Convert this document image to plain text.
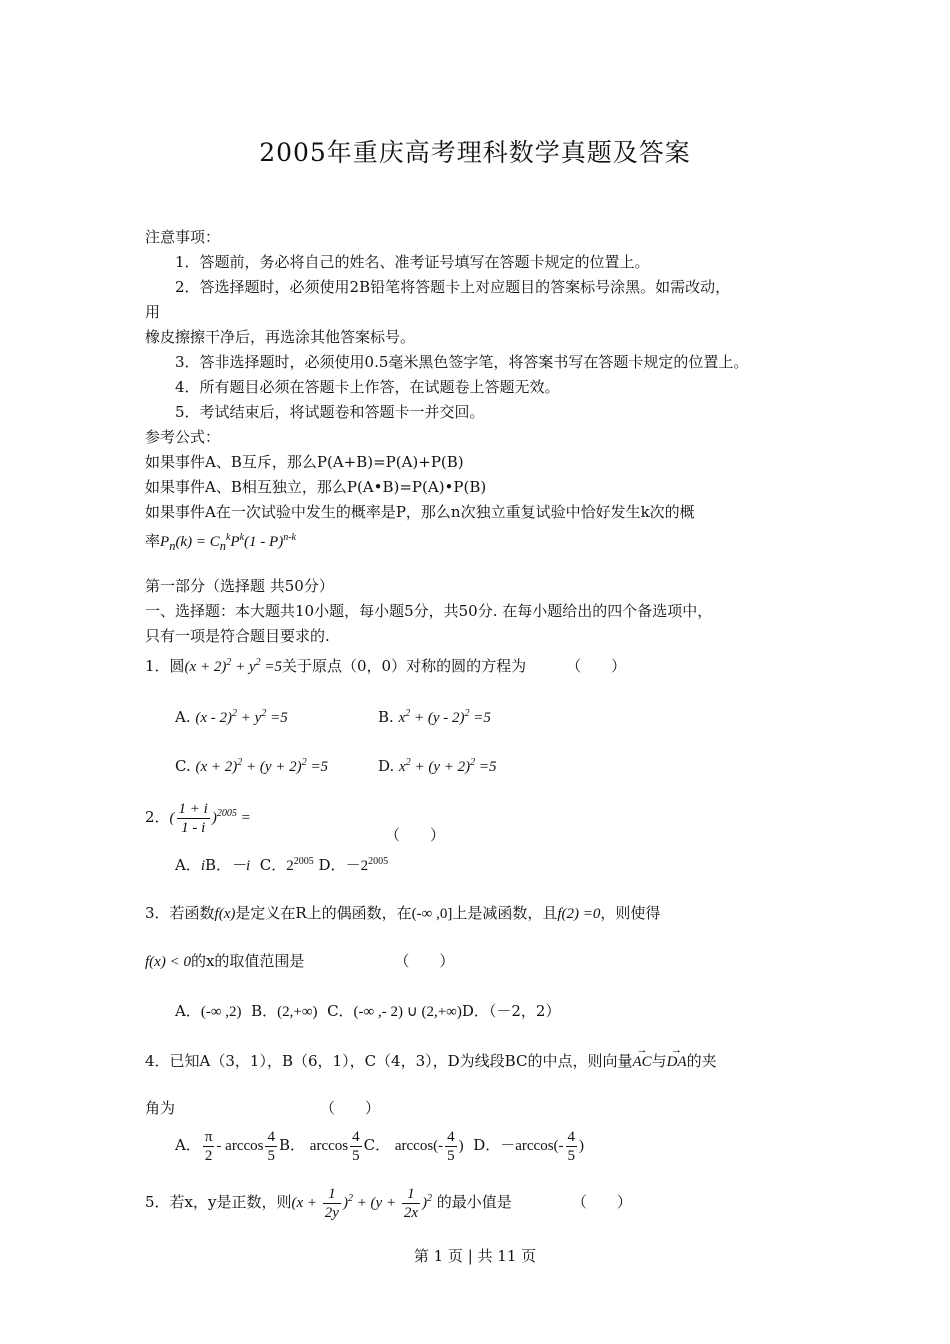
2005年重庆高考理科数学真题及答案
注意事项：
1．答题前，务必将自己的姓名、准考证号填写在答题卡规定的位置上。
2．答选择题时，必须使用2B铅笔将答题卡上对应题目的答案标号涂黑。如需改动，
用
橡皮擦擦干净后，再选涂其他答案标号。
3．答非选择题时，必须使用0.5毫米黑色签字笔，将答案书写在答题卡规定的位置上。
4．所有题目必须在答题卡上作答，在试题卷上答题无效。
5．考试结束后，将试题卷和答题卡一并交回。
参考公式：
如果事件A、B互斥，那么P(A+B)=P(A)+P(B)
如果事件A、B相互独立，那么P(A•B)=P(A)•P(B)
如果事件A在一次试验中发生的概率是P，那么n次独立重复试验中恰好发生k次的概
率$P_n(k) = C_n^kP^k(1 - P)^{n-k}$
第一部分（选择题 共50分）
一、选择题：本大题共10小题，每小题5分，共50分. 在每小题给出的四个备选项中，
只有一项是符合题目要求的.
1．圆$(x + 2)^2 + y^2 =5$关于原点（0，0）对称的圆的方程为	（　　）
A. $(x - 2)^2 + y^2 =5$	B. $x^2 + (y - 2)^2 =5$
C. $(x + 2)^2 + (y + 2)^2 =5$	D. $x^2 + (y + 2)^2 =5$
2．( $\frac{1 + i}{1 - i} )^{2005}$ =
（　　）
A．iB．－i C．$2^{2005}$ D．$-2^{2005}$
3．若函数f(x)是定义在R上的偶函数，在(-∞ ,0]上是减函数，且f(2) =0，则使得
f(x) < 0的x的取值范围是	（　　）
A．(-∞ ,2) B．(2,+∞) C．(-∞ ,- 2) ∪ (2,+∞)D．（－2，2）
4．已知A（3，1），B（6，1），C（4，3），D为线段BC的中点，则向量→ AC与→ DA的夹
角为	（　　）
A． $\frac{\pi}{2}$ - $\arccos \frac{4}{5}$ B． $\arccos \frac{4}{5}$ C． $\arccos(- \frac{4}{5}$ ) D．$-\arccos(- \frac{4}{5}$ )
5．若x，y是正数，则$(x + \frac{1}{2y} )^2 + (y + \frac{1}{2x} )^2$ 的最小值是	（　　）
第 1 页 | 共 11 页
